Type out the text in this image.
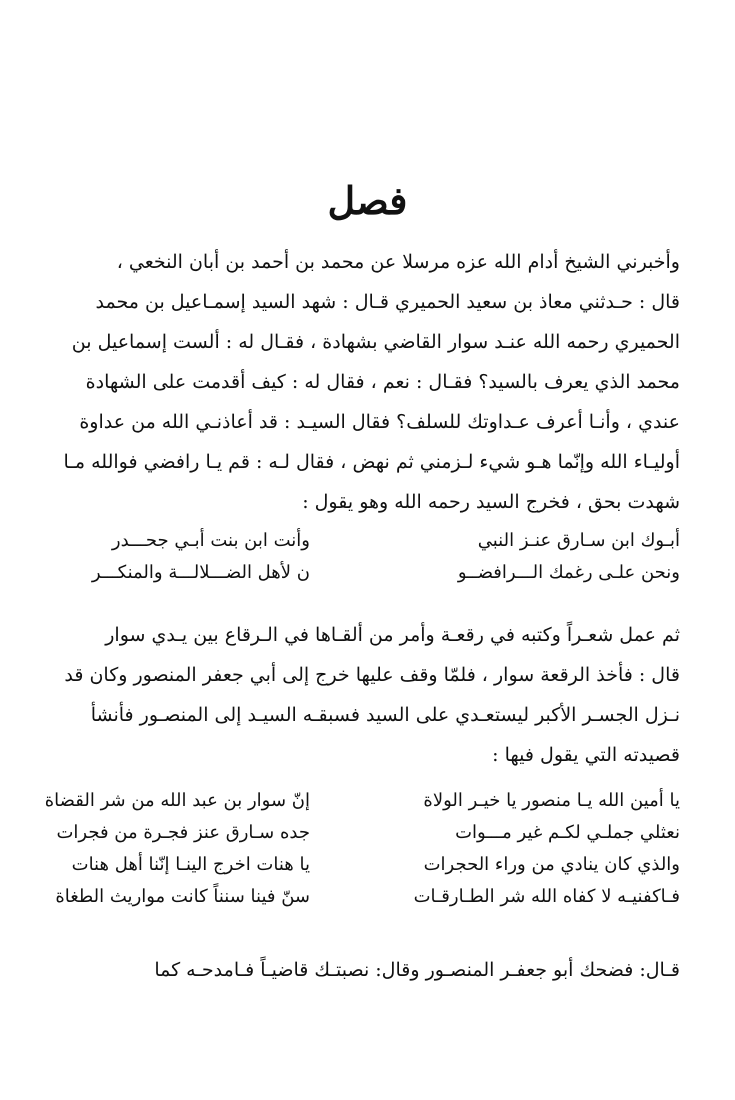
فصل
وأخبرني الشيخ أدام الله عزه مرسلا عن محمد بن أحمد بن أبان النخعي ،
قال : حـدثني معاذ بن سعيد الحميري قـال : شهد السيد إسمـاعيل بن محمد
الحميري رحمه الله عنـد سوار القاضي بشهادة ، فقـال له : ألست إسماعيل بن
محمد الذي يعرف بالسيد؟ فقـال : نعم ، فقال له : كيف أقدمت على الشهادة
عندي ، وأنـا أعرف عـداوتك للسلف؟ فقال السيـد : قد أعاذنـي الله من عداوة
أوليـاء الله وإنّما هـو شيء لـزمني ثم نهض ، فقال لـه : قم يـا رافضي فوالله مـا
شهدت بحق ، فخرج السيد رحمه الله وهو يقول :
أبـوك ابن سـارق عنـز النبي
وأنت ابن بنت أبـي جحـــدر
ونحن علـى رغمك الـــرافضــو
ن لأهل الضـــلالـــة والمنكـــر
ثم عمل شعـراً وكتبه في رقعـة وأمر من ألقـاها في الـرقاع بين يـدي سوار
قال : فأخذ الرقعة سوار ، فلمّا وقف عليها خرج إلى أبي جعفر المنصور وكان قد
نـزل الجسـر الأكبر ليستعـدي على السيد فسبقـه السيـد إلى المنصـور فأنشأ
قصيدته التي يقول فيها :
يا أمين الله يـا منصور يا خيـر الولاة
إنّ سوار بن عبد الله من شر القضاة
نعثلي جملـي لكـم غير مـــوات
جده سـارق عنز فجـرة من فجرات
والذي كان ينادي من وراء الحجرات
يا هنات اخرج الينـا إنّنا أهل هنات
فـاكفنيـه لا كفاه الله شر الطـارقـات
سنّ فينا سنناً كانت مواريث الطغاة
قـال: فضحك أبو جعفـر المنصـور وقال: نصبتـك قاضيـاً فـامدحـه كما
